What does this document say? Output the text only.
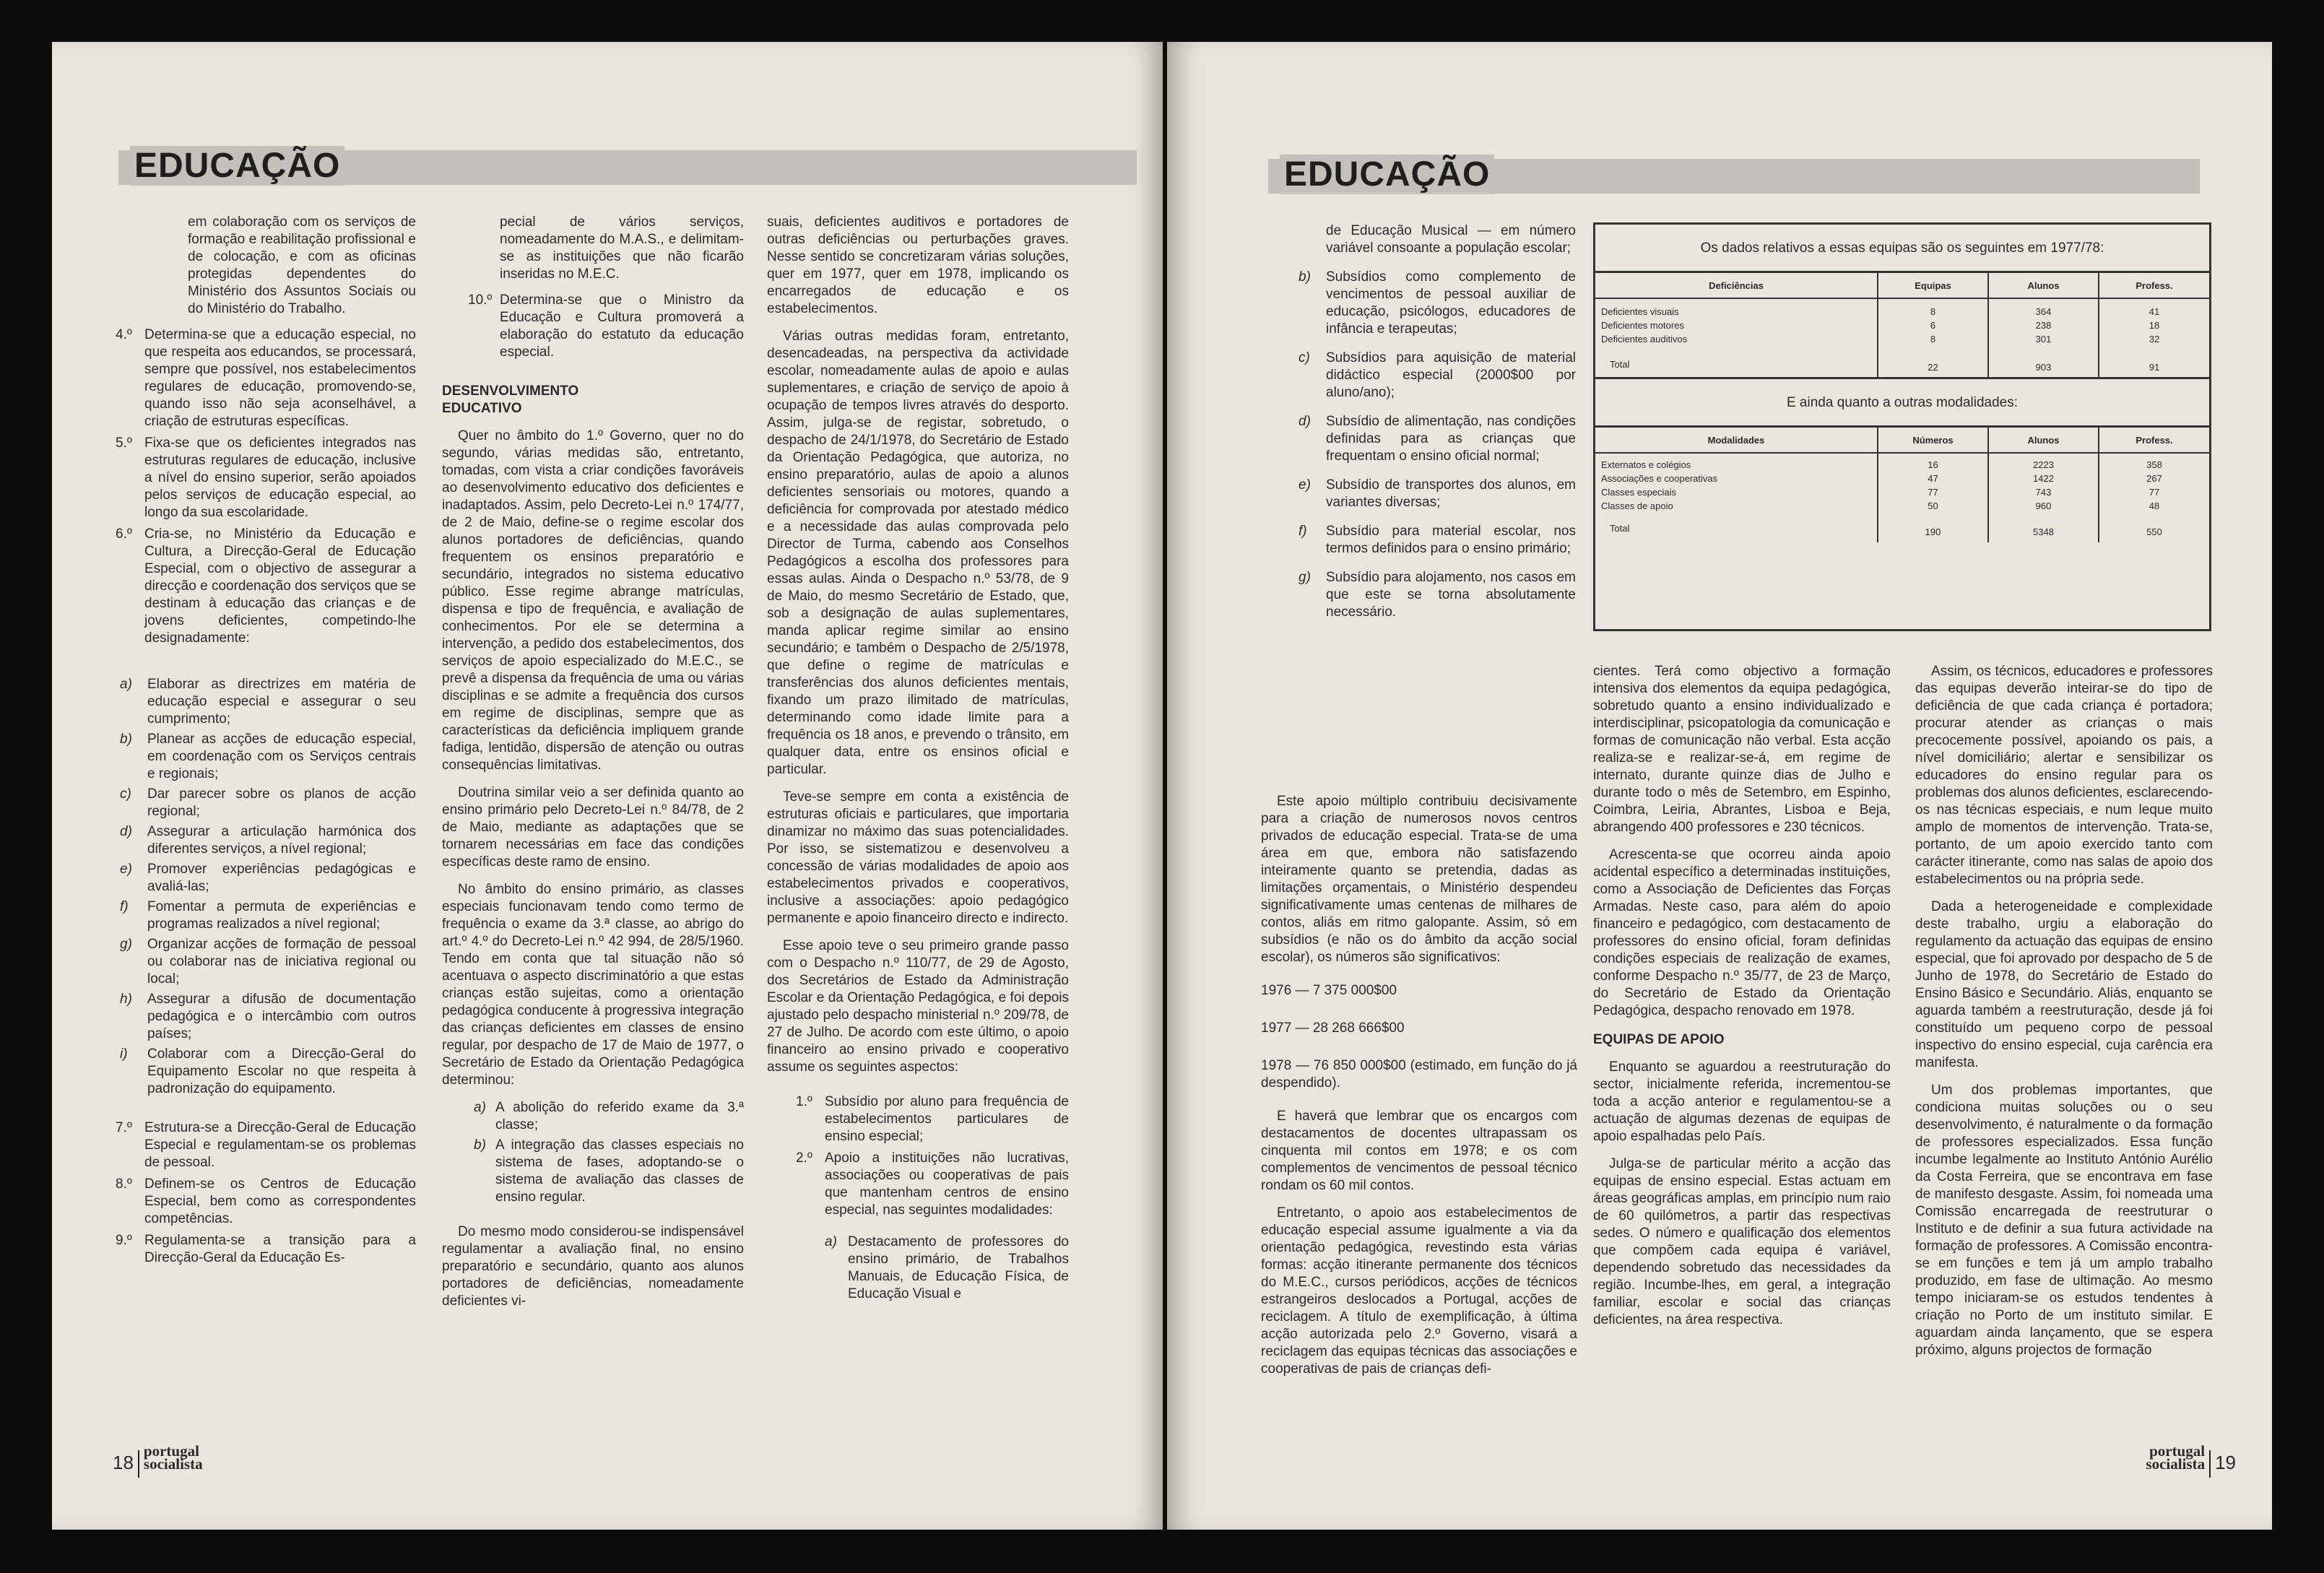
EDUCAÇÃO
em colaboração com os serviços de formação e reabilitação profissional e de colocação, e com as oficinas protegidas dependentes do Ministério dos Assuntos Sociais ou do Ministério do Trabalho.
4.º Determina-se que a educação especial, no que respeita aos educandos, se processará, sempre que possível, nos estabelecimentos regulares de educação, promovendo-se, quando isso não seja aconselhável, a criação de estruturas específicas.
5.º Fixa-se que os deficientes integrados nas estruturas regulares de educação, inclusive a nível do ensino superior, serão apoiados pelos serviços de educação especial, ao longo da sua escolaridade.
6.º Cria-se, no Ministério da Educação e Cultura, a Direcção-Geral de Educação Especial, com o objectivo de assegurar a direcção e coordenação dos serviços que se destinam à educação das crianças e de jovens deficientes, competindo-lhe designadamente:
a) Elaborar as directrizes em matéria de educação especial e assegurar o seu cumprimento;
b) Planear as acções de educação especial, em coordenação com os Serviços centrais e regionais;
c) Dar parecer sobre os planos de acção regional;
d) Assegurar a articulação harmónica dos diferentes serviços, a nível regional;
e) Promover experiências pedagógicas e avaliá-las;
f) Fomentar a permuta de experiências e programas realizados a nível regional;
g) Organizar acções de formação de pessoal ou colaborar nas de iniciativa regional ou local;
h) Assegurar a difusão de documentação pedagógica e o intercâmbio com outros países;
i) Colaborar com a Direcção-Geral do Equipamento Escolar no que respeita à padronização do equipamento.
7.º Estrutura-se a Direcção-Geral de Educação Especial e regulamentam-se os problemas de pessoal.
8.º Definem-se os Centros de Educação Especial, bem como as correspondentes competências.
9.º Regulamenta-se a transição para a Direcção-Geral da Educação Es-
pecial de vários serviços, nomeadamente do M.A.S., e delimitam-se as instituições que não ficarão inseridas no M.E.C.
10.º Determina-se que o Ministro da Educação e Cultura promoverá a elaboração do estatuto da educação especial.
DESENVOLVIMENTO EDUCATIVO

Quer no âmbito do 1.º Governo, quer no do segundo, várias medidas são, entretanto, tomadas, com vista a criar condições favoráveis ao desenvolvimento educativo dos deficientes e inadaptados. Assim, pelo Decreto-Lei n.º 174/77, de 2 de Maio, define-se o regime escolar dos alunos portadores de deficiências, quando frequentem os ensinos preparatório e secundário, integrados no sistema educativo público. Esse regime abrange matrículas, dispensa e tipo de frequência, e avaliação de conhecimentos. Por ele se determina a intervenção, a pedido dos estabelecimentos, dos serviços de apoio especializado do M.E.C., se prevê a dispensa da frequência de uma ou várias disciplinas e se admite a frequência dos cursos em regime de disciplinas, sempre que as características da deficiência impliquem grande fadiga, lentidão, dispersão de atenção ou outras consequências limitativas.

Doutrina similar veio a ser definida quanto ao ensino primário pelo Decreto-Lei n.º 84/78, de 2 de Maio, mediante as adaptações que se tornarem necessárias em face das condições específicas deste ramo de ensino.

No âmbito do ensino primário, as classes especiais funcionavam tendo como termo de frequência o exame da 3.ª classe, ao abrigo do art.º 4.º do Decreto-Lei n.º 42 994, de 28/5/1960. Tendo em conta que tal situação não só acentuava o aspecto discriminatório a que estas crianças estão sujeitas, como a orientação pedagógica conducente à progressiva integração das crianças deficientes em classes de ensino regular, por despacho de 17 de Maio de 1977, o Secretário de Estado da Orientação Pedagógica determinou:

a) A abolição do referido exame da 3.ª classe;
b) A integração das classes especiais no sistema de fases, adoptando-se o sistema de avaliação das classes de ensino regular.

Do mesmo modo considerou-se indispensável regulamentar a avaliação final, no ensino preparatório e secundário, quanto aos alunos portadores de deficiências, nomeadamente deficientes vi-

suais, deficientes auditivos e portadores de outras deficiências ou perturbações graves. Nesse sentido se concretizaram várias soluções, quer em 1977, quer em 1978, implicando os encarregados de educação e os estabelecimentos.

Várias outras medidas foram, entretanto, desencadeadas, na perspectiva da actividade escolar, nomeadamente aulas de apoio e aulas suplementares, e criação de serviço de apoio à ocupação de tempos livres através do desporto. Assim, julga-se de registar, sobretudo, o despacho de 24/1/1978, do Secretário de Estado da Orientação Pedagógica, que autoriza, no ensino preparatório, aulas de apoio a alunos deficientes sensoriais ou motores, quando a deficiência for comprovada por atestado médico e a necessidade das aulas comprovada pelo Director de Turma, cabendo aos Conselhos Pedagógicos a escolha dos professores para essas aulas. Ainda o Despacho n.º 53/78, de 9 de Maio, do mesmo Secretário de Estado, que, sob a designação de aulas suplementares, manda aplicar regime similar ao ensino secundário; e também o Despacho de 2/5/1978, que define o regime de matrículas e transferências dos alunos deficientes mentais, fixando um prazo ilimitado de matrículas, determinando como idade limite para a frequência os 18 anos, e prevendo o trânsito, em qualquer data, entre os ensinos oficial e particular.

Teve-se sempre em conta a existência de estruturas oficiais e particulares, que importaria dinamizar no máximo das suas potencialidades. Por isso, se sistematizou e desenvolveu a concessão de várias modalidades de apoio aos estabelecimentos privados e cooperativos, inclusive a associações: apoio pedagógico permanente e apoio financeiro directo e indirecto.

Esse apoio teve o seu primeiro grande passo com o Despacho n.º 110/77, de 29 de Agosto, dos Secretários de Estado da Administração Escolar e da Orientação Pedagógica, e foi depois ajustado pelo despacho ministerial n.º 209/78, de 27 de Julho. De acordo com este último, o apoio financeiro ao ensino privado e cooperativo assume os seguintes aspectos:

1.º Subsídio por aluno para frequência de estabelecimentos particulares de ensino especial;
2.º Apoio a instituições não lucrativas, associações ou cooperativas de pais que mantenham centros de ensino especial, nas seguintes modalidades:
a) Destacamento de professores do ensino primário, de Trabalhos Manuais, de Educação Física, de Educação Visual e
18portugal
socialista
EDUCAÇÃO
de Educação Musical — em número variável consoante a população escolar;
b) Subsídios como complemento de vencimentos de pessoal auxiliar de educação, psicólogos, educadores de infância e terapeutas;
c) Subsídios para aquisição de material didáctico especial (2000$00 por aluno/ano);
d) Subsídio de alimentação, nas condições definidas para as crianças que frequentam o ensino oficial normal;
e) Subsídio de transportes dos alunos, em variantes diversas;
f) Subsídio para material escolar, nos termos definidos para o ensino primário;
g) Subsídio para alojamento, nos casos em que este se torna absolutamente necessário.
Os dados relativos a essas equipas são os seguintes em 1977/78:
Deficiências	Equipas	Alunos	Profess.
Deficientes visuais	8	364	41
Deficientes motores	6	238	18
Deficientes auditivos	8	301	32
Total	22	903	91
E ainda quanto a outras modalidades:
Modalidades	Números	Alunos	Profess.
Externatos e colégios	16	2223	358
Associações e cooperativas	47	1422	267
Classes especiais	77	743	77
Classes de apoio	50	960	48
Total	190	5348	550

Este apoio múltiplo contribuiu decisivamente para a criação de numerosos novos centros privados de educação especial. Trata-se de uma área em que, embora não satisfazendo inteiramente quanto se pretendia, dadas as limitações orçamentais, o Ministério despendeu significativamente umas centenas de milhares de contos, aliás em ritmo galopante. Assim, só em subsídios (e não os do âmbito da acção social escolar), os números são significativos:

1976 — 7 375 000$00
1977 — 28 268 666$00
1978 — 76 850 000$00 (estimado, em função do já despendido).

E haverá que lembrar que os encargos com destacamentos de docentes ultrapassam os cinquenta mil contos em 1978; e os com complementos de vencimentos de pessoal técnico rondam os 60 mil contos.

Entretanto, o apoio aos estabelecimentos de educação especial assume igualmente a via da orientação pedagógica, revestindo esta várias formas: acção itinerante permanente dos técnicos do M.E.C., cursos periódicos, acções de técnicos estrangeiros deslocados a Portugal, acções de reciclagem. A título de exemplificação, à última acção autorizada pelo 2.º Governo, visará a reciclagem das equipas técnicas das associações e cooperativas de pais de crianças defi-

cientes. Terá como objectivo a formação intensiva dos elementos da equipa pedagógica, sobretudo quanto a ensino individualizado e interdisciplinar, psicopatologia da comunicação e formas de comunicação não verbal. Esta acção realiza-se e realizar-se-á, em regime de internato, durante quinze dias de Julho e durante todo o mês de Setembro, em Espinho, Coimbra, Leiria, Abrantes, Lisboa e Beja, abrangendo 400 professores e 230 técnicos.

Acrescenta-se que ocorreu ainda apoio acidental específico a determinadas instituições, como a Associação de Deficientes das Forças Armadas. Neste caso, para além do apoio financeiro e pedagógico, com destacamento de professores do ensino oficial, foram definidas condições especiais de realização de exames, conforme Despacho n.º 35/77, de 23 de Março, do Secretário de Estado da Orientação Pedagógica, despacho renovado em 1978.

EQUIPAS DE APOIO

Enquanto se aguardou a reestruturação do sector, inicialmente referida, incrementou-se toda a acção anterior e regulamentou-se a actuação de algumas dezenas de equipas de apoio espalhadas pelo País.

Julga-se de particular mérito a acção das equipas de ensino especial. Estas actuam em áreas geográficas amplas, em princípio num raio de 60 quilómetros, a partir das respectivas sedes. O número e qualificação dos elementos que compõem cada equipa é variável, dependendo sobretudo das necessidades da região. Incumbe-lhes, em geral, a integração familiar, escolar e social das crianças deficientes, na área respectiva.

Assim, os técnicos, educadores e professores das equipas deverão inteirar-se do tipo de deficiência de que cada criança é portadora; procurar atender as crianças o mais precocemente possível, apoiando os pais, a nível domiciliário; alertar e sensibilizar os educadores do ensino regular para os problemas dos alunos deficientes, esclarecendo-os nas técnicas especiais, e num leque muito amplo de momentos de intervenção. Trata-se, portanto, de um apoio exercido tanto com carácter itinerante, como nas salas de apoio dos estabelecimentos ou na própria sede.

Dada a heterogeneidade e complexidade deste trabalho, urgiu a elaboração do regulamento da actuação das equipas de ensino especial, que foi aprovado por despacho de 5 de Junho de 1978, do Secretário de Estado do Ensino Básico e Secundário. Aliás, enquanto se aguarda também a reestruturação, desde já foi constituído um pequeno corpo de pessoal inspectivo do ensino especial, cuja carência era manifesta.

Um dos problemas importantes, que condiciona muitas soluções ou o seu desenvolvimento, é naturalmente o da formação de professores especializados. Essa função incumbe legalmente ao Instituto António Aurélio da Costa Ferreira, que se encontrava em fase de manifesto desgaste. Assim, foi nomeada uma Comissão encarregada de reestruturar o Instituto e de definir a sua futura actividade na formação de professores. A Comissão encontra-se em funções e tem já um amplo trabalho produzido, em fase de ultimação. Ao mesmo tempo iniciaram-se os estudos tendentes à criação no Porto de um instituto similar. E aguardam ainda lançamento, que se espera próximo, alguns projectos de formação

portugal
socialista 19
